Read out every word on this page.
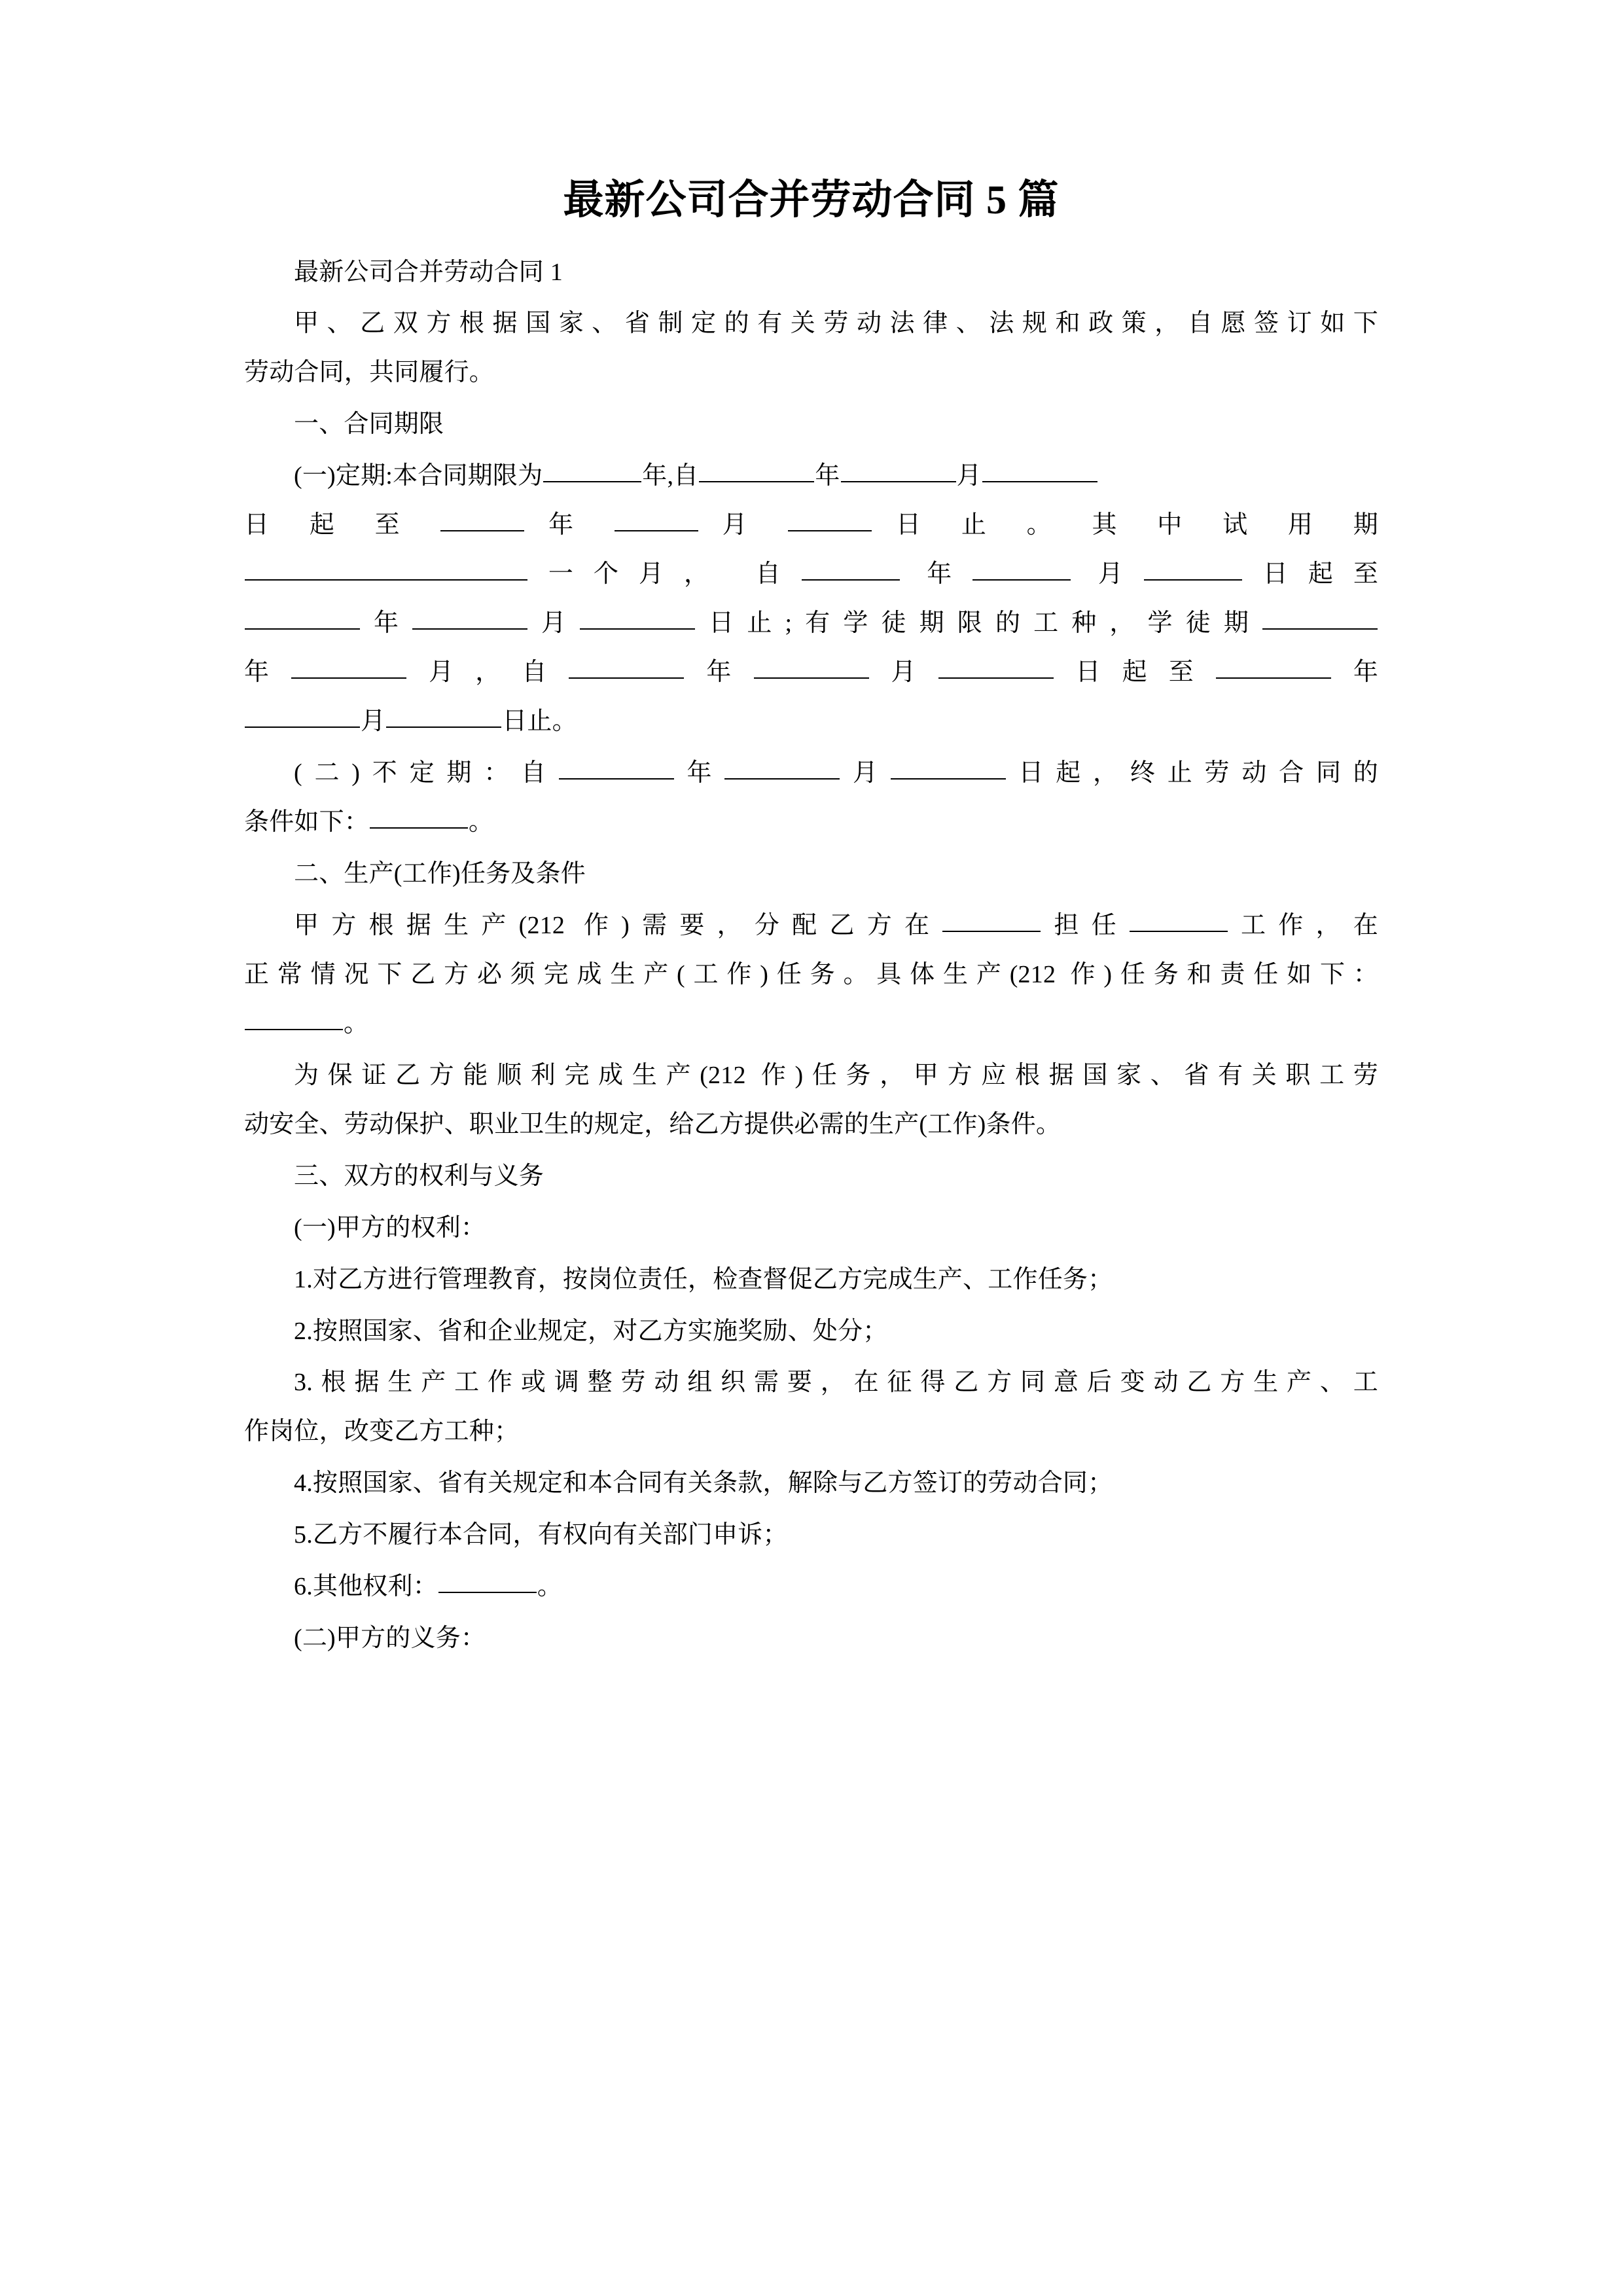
最新公司合并劳动合同 5 篇

最新公司合并劳动合同 1

甲、乙双方根据国家、省制定的有关劳动法律、法规和政策，自愿签订如下

劳动合同，共同履行。

一、合同期限

(一)定期:本合同期限为	年,自	年	月

日 起 至	年	月	日 止 。 其 中 试 用 期

一个月， 自	年	月	日起至

年	月	日止;有学徒期限的工种，学徒期

年	月，自	年	月	日起至	年

月	日止。

(二)不定期：自	年	月	日起，终止劳动合同的

条件如下：	。

二、生产(工作)任务及条件

甲方根据生产(212 作)需要，分配乙方在	担任	工作，在

正常情况下乙方必须完成生产(工作)任务。具体生产(212 作)任务和责任如下：

。

为保证乙方能顺利完成生产(212 作)任务，甲方应根据国家、省有关职工劳

动安全、劳动保护、职业卫生的规定，给乙方提供必需的生产(工作)条件。

三、双方的权利与义务

(一)甲方的权利：

1.对乙方进行管理教育，按岗位责任，检查督促乙方完成生产、工作任务；

2.按照国家、省和企业规定，对乙方实施奖励、处分；

3.根据生产工作或调整劳动组织需要，在征得乙方同意后变动乙方生产、工

作岗位，改变乙方工种；

4.按照国家、省有关规定和本合同有关条款，解除与乙方签订的劳动合同；

5.乙方不履行本合同，有权向有关部门申诉；

6.其他权利：	。

(二)甲方的义务：
